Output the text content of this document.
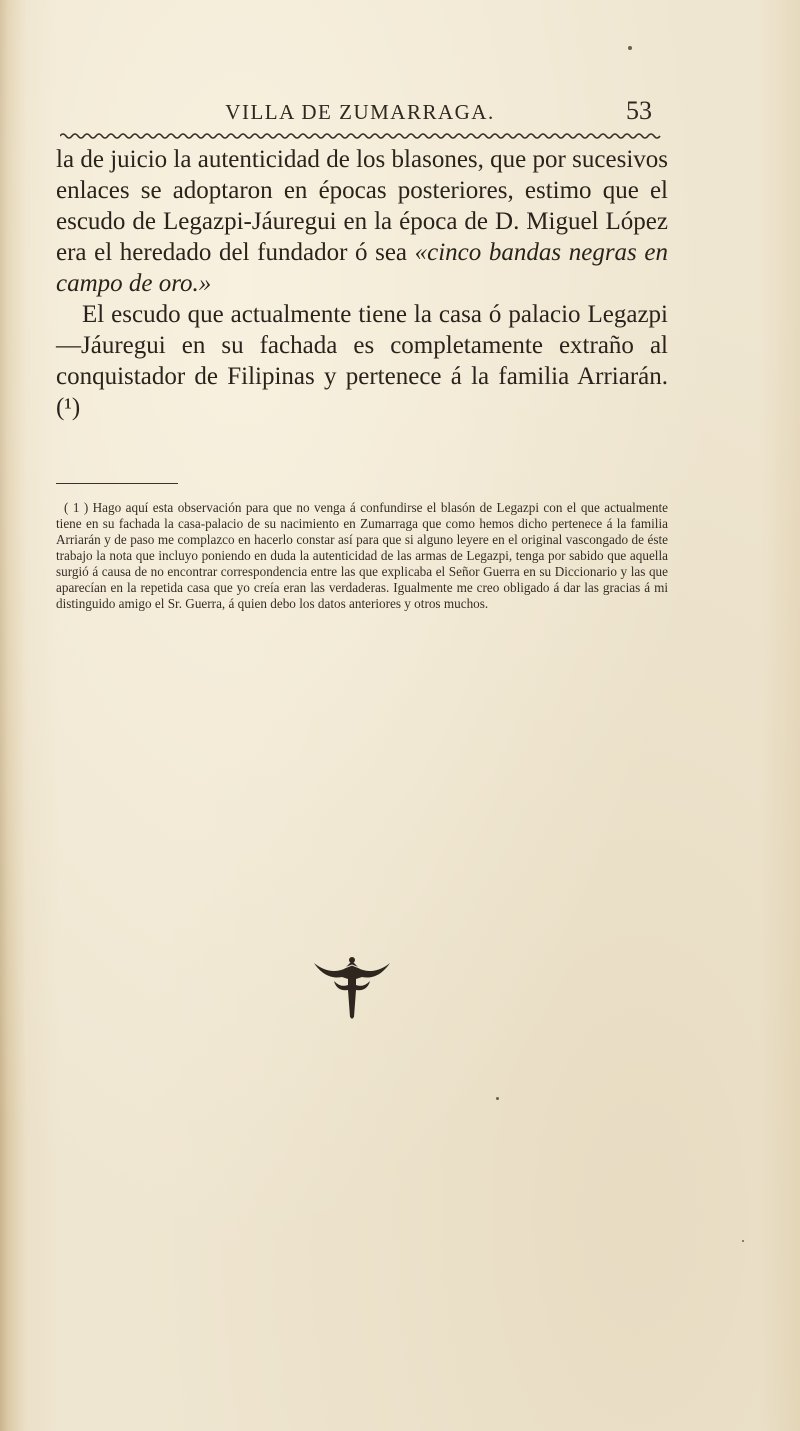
VILLA DE ZUMARRAGA.	53

la de juicio la autenticidad de los blasones, que por sucesivos enlaces se adoptaron en épocas posteriores, estimo que el escudo de Legazpi-Jáuregui en la época de D. Miguel López era el heredado del fundador ó sea «cinco bandas negras en campo de oro.»

El escudo que actualmente tiene la casa ó palacio Legazpi—Jáuregui en su fachada es completamente extraño al conquistador de Filipinas y pertenece á la familia Arriarán. (¹)

( 1 ) Hago aquí esta observación para que no venga á confundirse el blasón de Legazpi con el que actualmente tiene en su fachada la casa-palacio de su nacimiento en Zumarraga que como hemos dicho pertenece á la familia Arriarán y de paso me complazco en hacerlo constar así para que si alguno leyere en el original vascongado de éste trabajo la nota que incluyo poniendo en duda la autenticidad de las armas de Legazpi, tenga por sabido que aquella surgió á causa de no encontrar correspondencia entre las que explicaba el Señor Guerra en su Diccionario y las que aparecían en la repetida casa que yo creía eran las verdaderas. Igualmente me creo obligado á dar las gracias á mi distinguido amigo el Sr. Guerra, á quien debo los datos anteriores y otros muchos.
